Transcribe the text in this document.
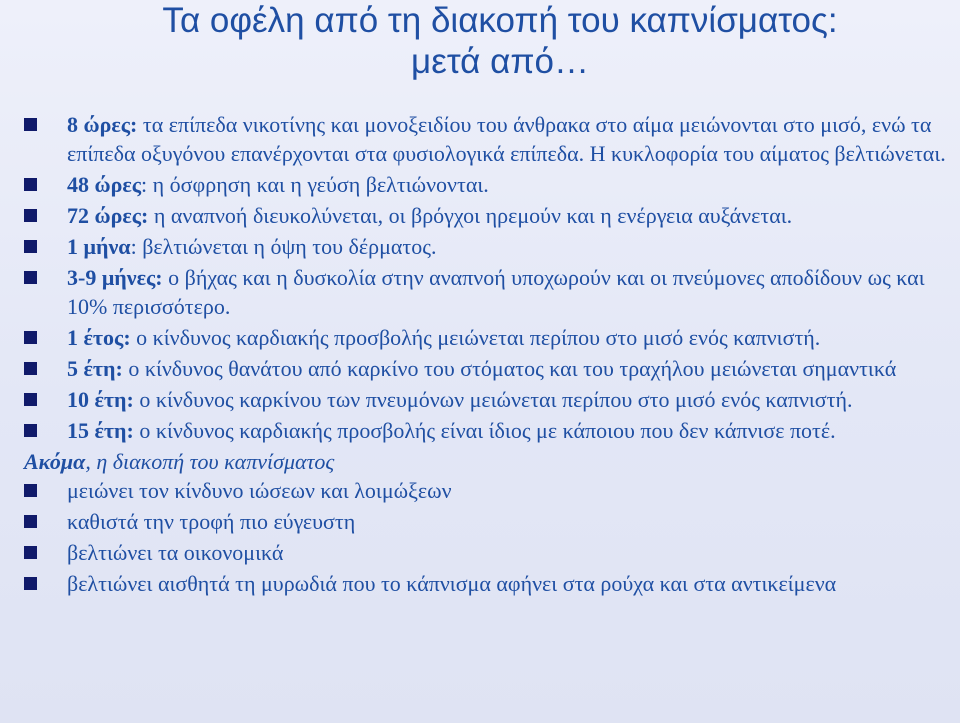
Τα οφέλη από τη διακοπή του καπνίσματος:
μετά από…
8 ώρες: τα επίπεδα νικοτίνης και μονοξειδίου του άνθρακα στο αίμα μειώνονται στο μισό, ενώ τα επίπεδα οξυγόνου επανέρχονται στα φυσιολογικά επίπεδα. Η κυκλοφορία του αίματος βελτιώνεται.
48 ώρες: η όσφρηση και η γεύση βελτιώνονται.
72 ώρες: η αναπνοή διευκολύνεται, οι βρόγχοι ηρεμούν και η ενέργεια αυξάνεται.
1 μήνα: βελτιώνεται η όψη του δέρματος.
3-9 μήνες: ο βήχας και η δυσκολία στην αναπνοή υποχωρούν και οι πνεύμονες αποδίδουν ως και 10% περισσότερο.
1 έτος: ο κίνδυνος καρδιακής προσβολής μειώνεται περίπου στο μισό ενός καπνιστή.
5 έτη: ο κίνδυνος θανάτου από καρκίνο του στόματος και του τραχήλου μειώνεται σημαντικά
10 έτη: ο κίνδυνος καρκίνου των πνευμόνων μειώνεται περίπου στο μισό ενός καπνιστή.
15 έτη: ο κίνδυνος καρδιακής προσβολής είναι ίδιος με κάποιου που δεν κάπνισε ποτέ.
Ακόμα, η διακοπή του καπνίσματος
μειώνει τον κίνδυνο ιώσεων και λοιμώξεων
καθιστά την τροφή πιο εύγευστη
βελτιώνει τα οικονομικά
βελτιώνει αισθητά τη μυρωδιά που το κάπνισμα αφήνει στα ρούχα και στα αντικείμενα
